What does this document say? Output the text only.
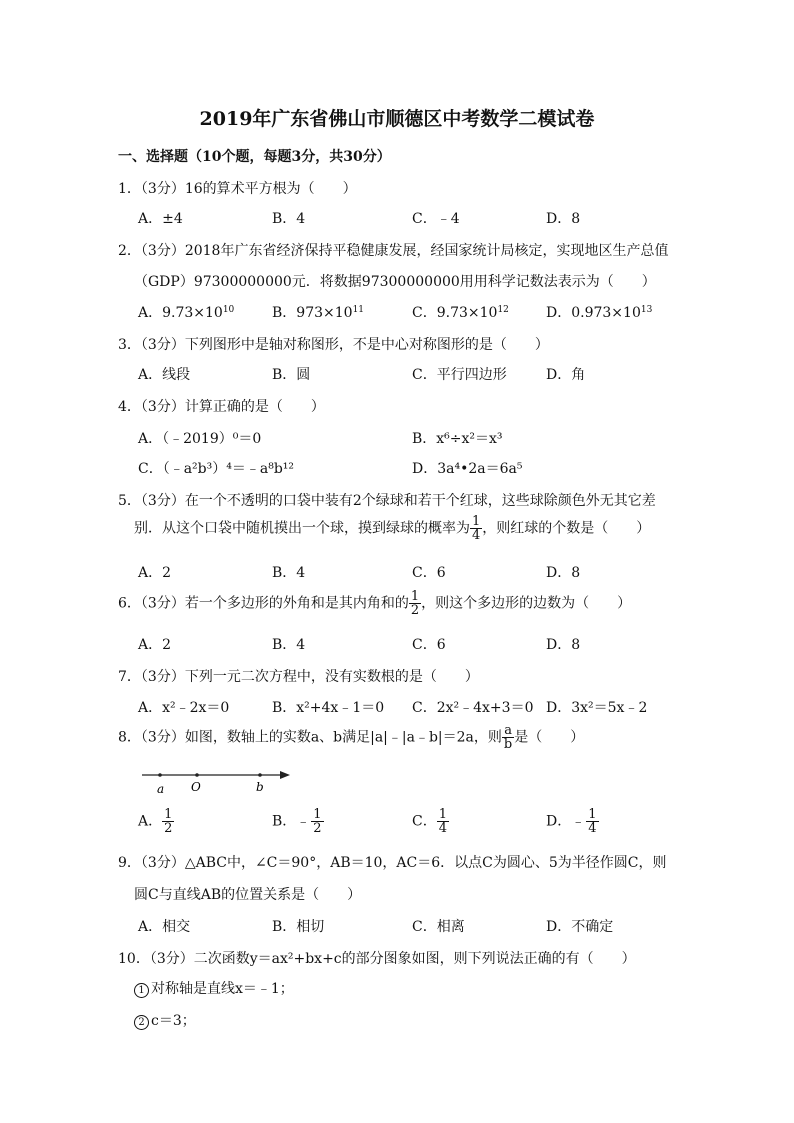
2019年广东省佛山市顺德区中考数学二模试卷
一、选择题（10个题，每题3分，共30分）
1．（3分）16的算术平方根为（　　）
A．±4	B．4	C．﹣4	D．8
2．（3分）2018年广东省经济保持平稳健康发展，经国家统计局核定，实现地区生产总值
（GDP）97300000000元．将数据97300000000用用科学记数法表示为（　　）
A．$9.73\times 10^{10}$	B．$973\times 10^{11}$	C．$9.73\times 10^{12}$	D．$0.973\times 10^{13}$
3．（3分）下列图形中是轴对称图形，不是中心对称图形的是（　　）
A．线段	B．圆	C．平行四边形	D．角
4．（3分）计算正确的是（　　）
A．（﹣2019）⁰＝0	B．x⁶÷x²＝x³
C．（﹣a²b³）⁴＝﹣a⁸b¹²	D．3a⁴•2a＝6a⁵
5．（3分）在一个不透明的口袋中装有2个绿球和若干个红球，这些球除颜色外无其它差
别．从这个口袋中随机摸出一个球，摸到绿球的概率为 $\frac{1}{4}$ ，则红球的个数是（　　）
A．2	B．4	C．6	D．8
6．（3分）若一个多边形的外角和是其内角和的 $\frac{1}{2}$ ，则这个多边形的边数为（　　）
A．2	B．4	C．6	D．8
7．（3分）下列一元二次方程中，没有实数根的是（　　）
A．x²﹣2x＝0	B．x²+4x﹣1＝0 C．2x²﹣4x+3＝0 D．3x²＝5x﹣2
8．（3分）如图，数轴上的实数a、b满足|a|﹣|a﹣b|＝2a，则 $\frac{a}{b}$ 是（　　）
a O	b
A． $\frac{1}{2}$	B．﹣ $\frac{1}{2}$	C． $\frac{1}{4}$	D．﹣ $\frac{1}{4}$
9．（3分）△ABC中，∠C＝90°，AB＝10，AC＝6．以点C为圆心、5为半径作圆C，则
圆C与直线AB的位置关系是（　　）
A．相交	B．相切	C．相离	D．不确定
10．（3分）二次函数y＝ax²+bx+c的部分图象如图，则下列说法正确的有（　　）
1 对称轴是直线x＝﹣1；
2 c＝3；
